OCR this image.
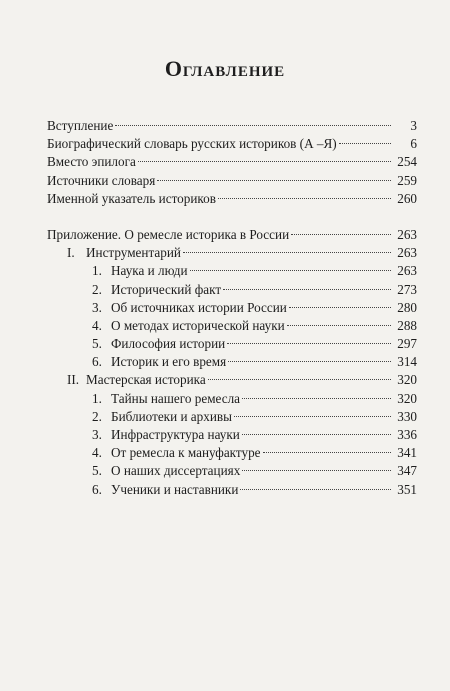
Оглавление
Вступление	3
Биографический словарь русских историков (А –Я)	6
Вместо эпилога	254
Источники словаря	259
Именной указатель историков	260
Приложение. О ремесле историка в России	263
I. Инструментарий	263
1. Наука и люди	263
2. Исторический факт	273
3. Об источниках истории России	280
4. О методах исторической науки	288
5. Философия истории	297
6. Историк и его время	314
II. Мастерская историка	320
1. Тайны нашего ремесла	320
2. Библиотеки и архивы	330
3. Инфраструктура науки	336
4. От ремесла к мануфактуре	341
5. О наших диссертациях	347
6. Ученики и наставники	351
